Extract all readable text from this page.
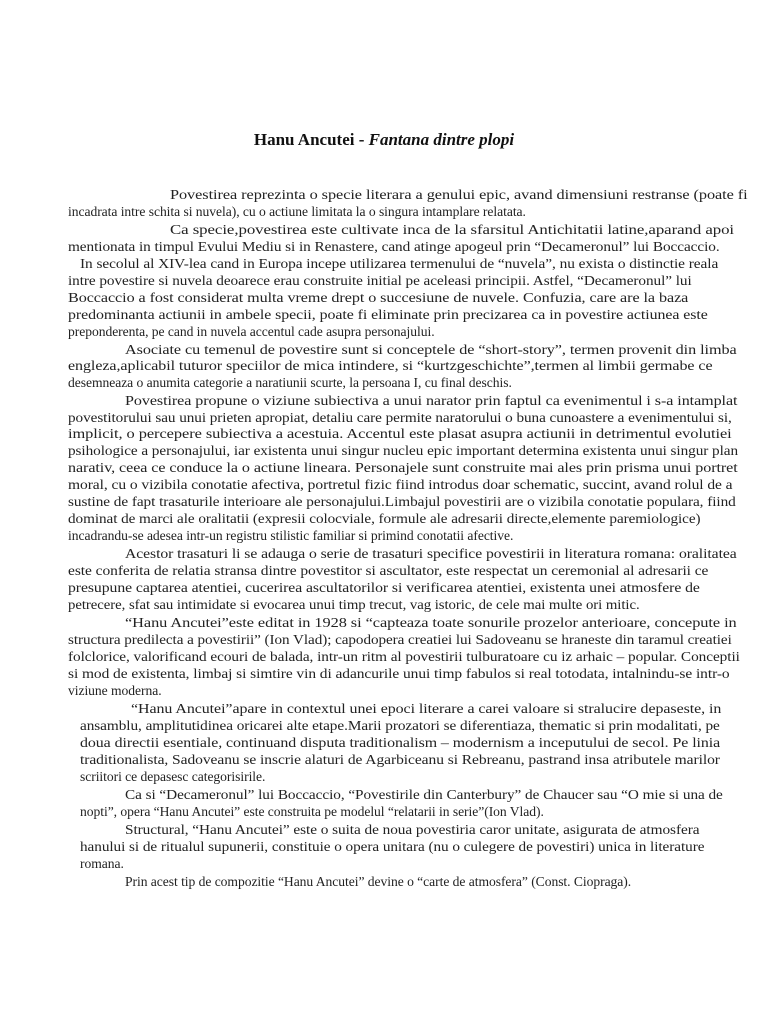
Hanu Ancutei - Fantana dintre plopi
Povestirea reprezinta o specie literara a genului epic, avand dimensiuni restranse (poate fi
incadrata intre schita si nuvela), cu o actiune limitata la o singura intamplare relatata.
Ca specie,povestirea este cultivate inca de la sfarsitul Antichitatii latine,aparand apoi
mentionata in timpul Evului Mediu si in Renastere, cand atinge apogeul prin “Decameronul” lui Boccaccio.
In secolul al XIV-lea cand in Europa incepe utilizarea termenului de “nuvela”, nu exista o distinctie reala
intre povestire si nuvela deoarece erau construite initial pe aceleasi principii. Astfel, “Decameronul” lui
Boccaccio a fost considerat multa vreme drept o succesiune de nuvele. Confuzia, care are la baza
predominanta actiunii in ambele specii, poate fi eliminate prin precizarea ca in povestire actiunea este
preponderenta, pe cand in nuvela accentul cade asupra personajului.
Asociate cu temenul de povestire sunt si conceptele de “short-story”, termen provenit din limba
engleza,aplicabil tuturor speciilor de mica intindere, si “kurtzgeschichte”,termen al limbii germabe ce
desemneaza o anumita categorie a naratiunii scurte, la persoana I, cu final deschis.
Povestirea propune o viziune subiectiva a unui narator prin faptul ca evenimentul i s-a intamplat
povestitorului sau unui prieten apropiat, detaliu care permite naratorului o buna cunoastere a evenimentului si,
implicit, o percepere subiectiva a acestuia. Accentul este plasat asupra actiunii in detrimentul evolutiei
psihologice a personajului, iar existenta unui singur nucleu epic important determina existenta unui singur plan
narativ, ceea ce conduce la o actiune lineara. Personajele sunt construite mai ales prin prisma unui portret
moral, cu o vizibila conotatie afectiva, portretul fizic fiind introdus doar schematic, succint, avand rolul de a
sustine de fapt trasaturile interioare ale personajului.Limbajul povestirii are o vizibila conotatie populara, fiind
dominat de marci ale oralitatii (expresii colocviale, formule ale adresarii directe,elemente paremiologice)
incadrandu-se adesea intr-un registru stilistic familiar si primind conotatii afective.
Acestor trasaturi li se adauga o serie de trasaturi specifice povestirii in literatura romana: oralitatea
este conferita de relatia stransa dintre povestitor si ascultator, este respectat un ceremonial al adresarii ce
presupune captarea atentiei, cucerirea ascultatorilor si verificarea atentiei, existenta unei atmosfere de
petrecere, sfat sau intimidate si evocarea unui timp trecut, vag istoric, de cele mai multe ori mitic.
“Hanu Ancutei”este editat in 1928 si “capteaza toate sonurile prozelor anterioare, concepute in
structura predilecta a povestirii” (Ion Vlad); capodopera creatiei lui Sadoveanu se hraneste din taramul creatiei
folclorice, valorificand ecouri de balada, intr-un ritm al povestirii tulburatoare cu iz arhaic – popular. Conceptii
si mod de existenta, limbaj si simtire vin di adancurile unui timp fabulos si real totodata, intalnindu-se intr-o
viziune moderna.
“Hanu Ancutei”apare in contextul unei epoci literare a carei valoare si stralucire depaseste, in
ansamblu, amplitutidinea oricarei alte etape.Marii prozatori se diferentiaza, thematic si prin modalitati, pe
doua directii esentiale, continuand disputa traditionalism – modernism a inceputului de secol. Pe linia
traditionalista, Sadoveanu se inscrie alaturi de Agarbiceanu si Rebreanu, pastrand insa atributele marilor
scriitori ce depasesc categorisirile.
Ca si “Decameronul” lui Boccaccio, “Povestirile din Canterbury” de Chaucer sau “O mie si una de
nopti”, opera “Hanu Ancutei” este construita pe modelul “relatarii in serie”(Ion Vlad).
Structural, “Hanu Ancutei” este o suita de noua povestiria caror unitate, asigurata de atmosfera
hanului si de ritualul supunerii, constituie o opera unitara (nu o culegere de povestiri) unica in literature
romana.
Prin acest tip de compozitie “Hanu Ancutei” devine o “carte de atmosfera” (Const. Ciopraga).
